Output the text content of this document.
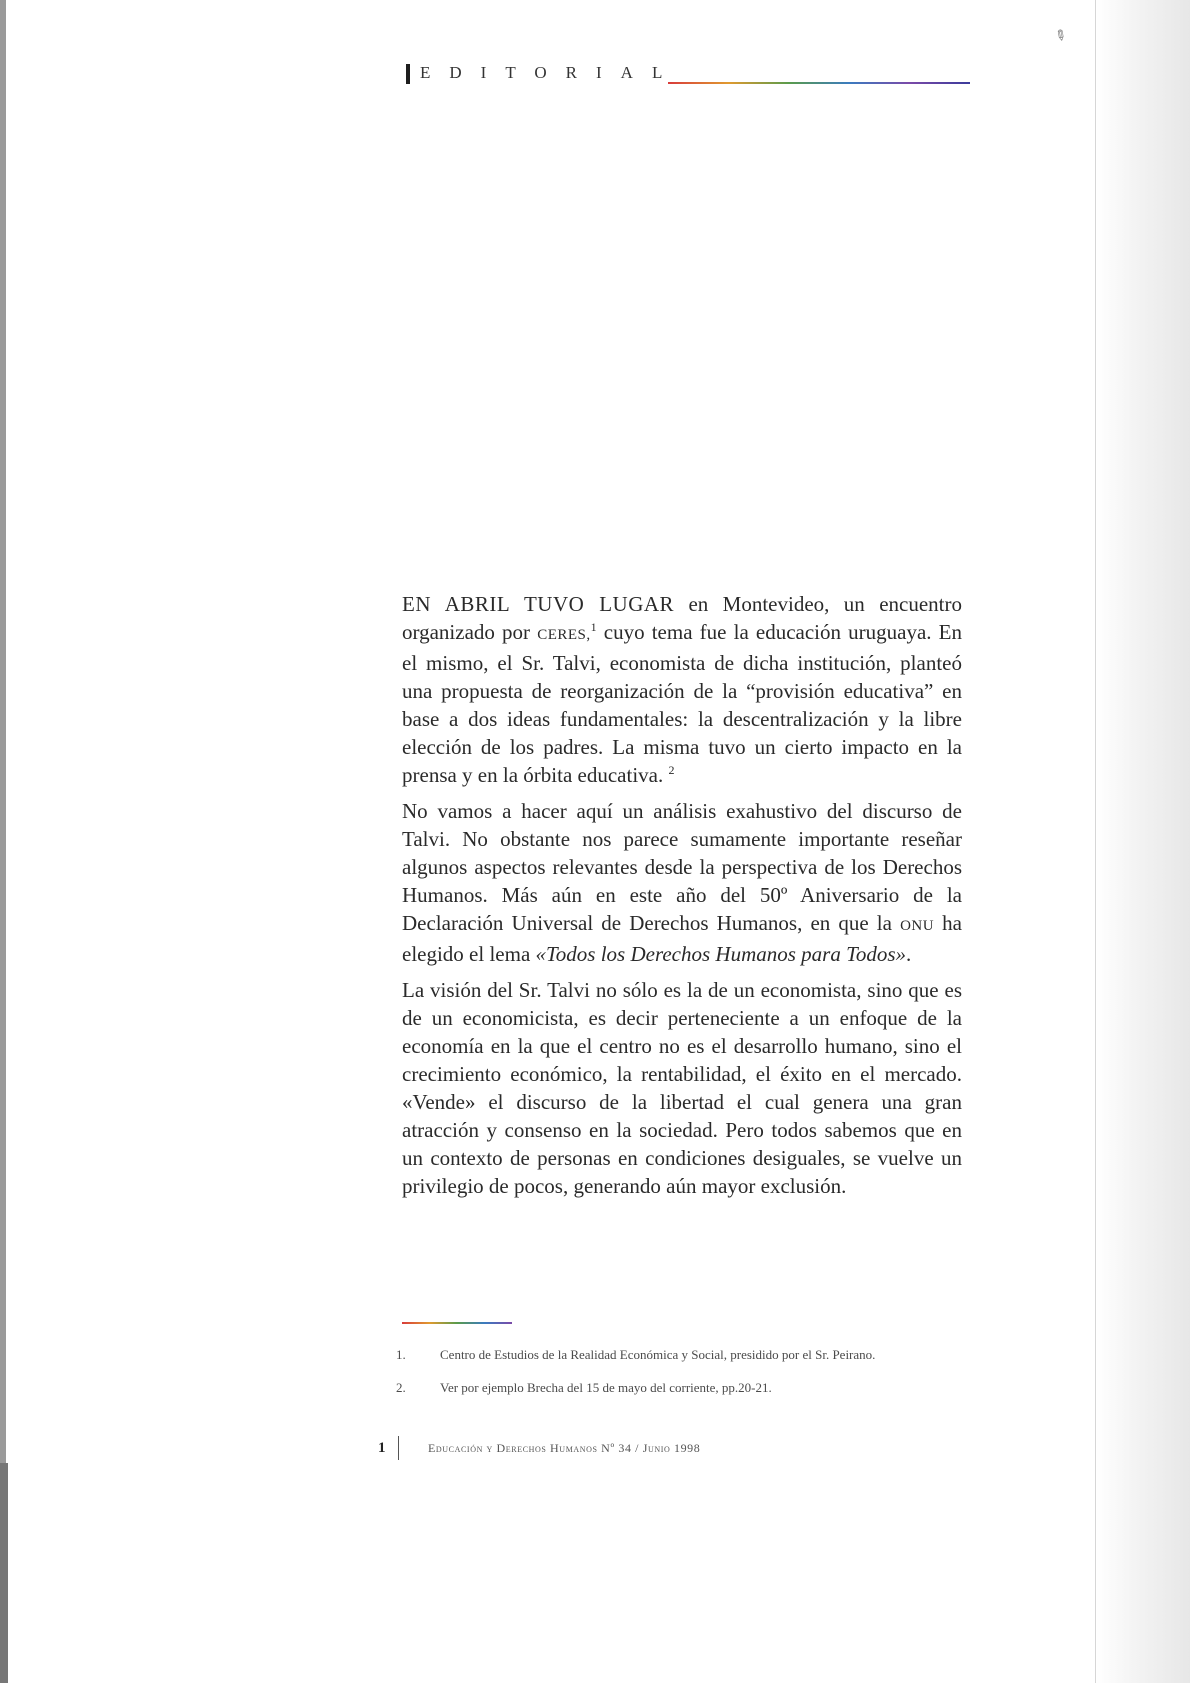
✎
EDITORIAL

EN ABRIL TUVO LUGAR en Montevideo, un encuentro organizado por CERES,$^1$ cuyo tema fue la educación uruguaya. En el mismo, el Sr. Talvi, economista de dicha institución, planteó una propuesta de reorganización de la “provisión educativa” en base a dos ideas fundamentales: la descentralización y la libre elección de los padres. La misma tuvo un cierto impacto en la prensa y en la órbita educativa. $^2$

No vamos a hacer aquí un análisis exahustivo del discurso de Talvi. No obstante nos parece sumamente importante reseñar algunos aspectos relevantes desde la perspectiva de los Derechos Humanos. Más aún en este año del 50º Aniversario de la Declaración Universal de Derechos Humanos, en que la ONU ha elegido el lema «Todos los Derechos Humanos para Todos».

La visión del Sr. Talvi no sólo es la de un economista, sino que es de un economicista, es decir perteneciente a un enfoque de la economía en la que el centro no es el desarrollo humano, sino el crecimiento económico, la rentabilidad, el éxito en el mercado. «Vende» el discurso de la libertad el cual genera una gran atracción y consenso en la sociedad. Pero todos sabemos que en un contexto de personas en condiciones desiguales, se vuelve un privilegio de pocos, generando aún mayor exclusión.

1.	Centro de Estudios de la Realidad Económica y Social, presidido por el Sr. Peirano.
2.	Ver por ejemplo Brecha del 15 de mayo del corriente, pp.20-21.
1	Educación y Derechos Humanos Nº 34 / Junio 1998
